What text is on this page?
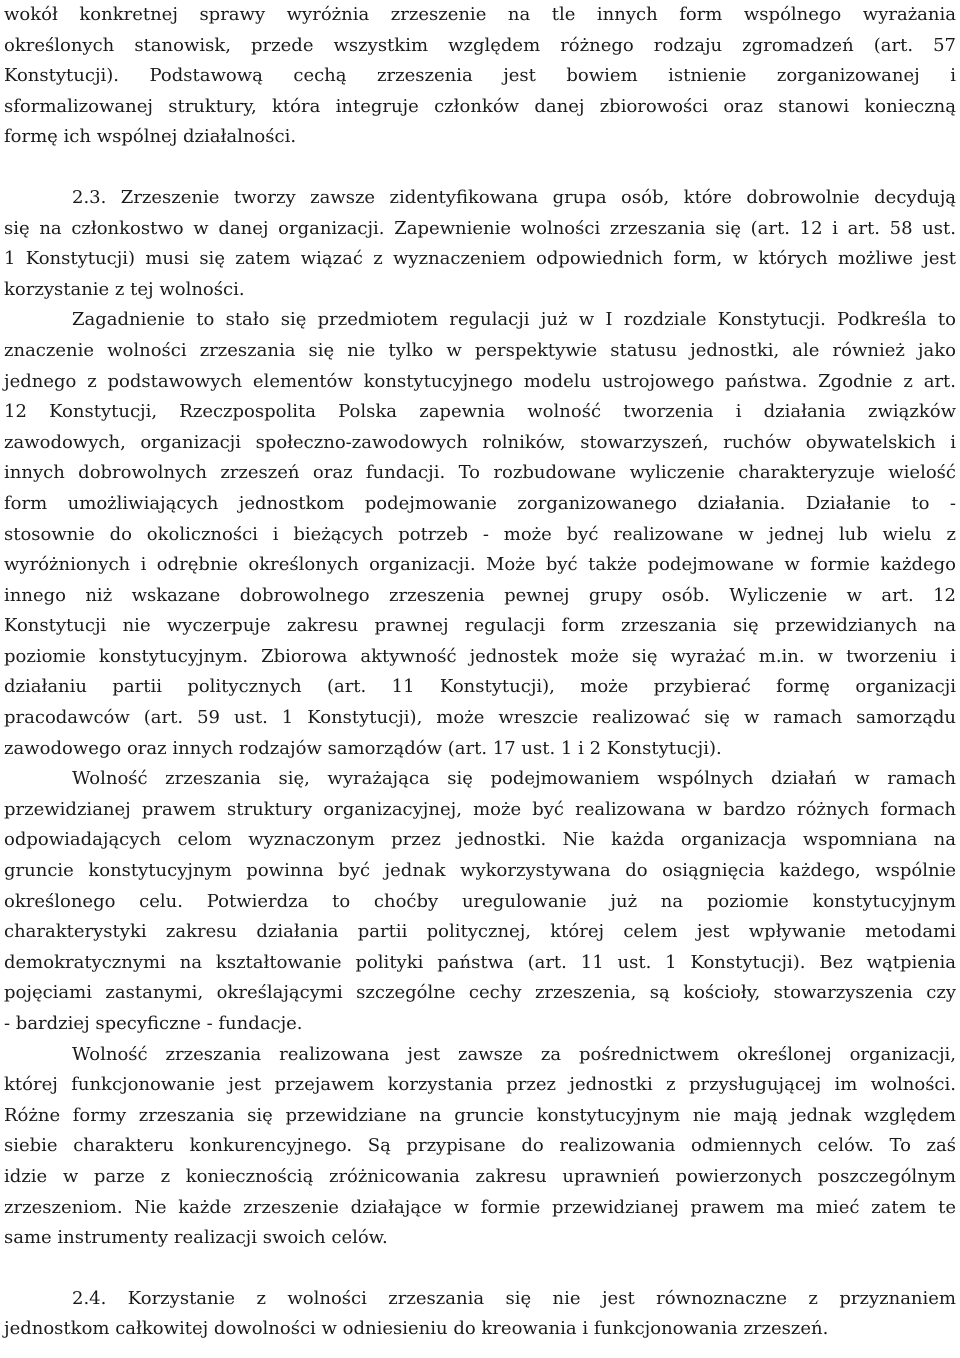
wokół konkretnej sprawy wyróżnia zrzeszenie na tle innych form wspólnego wyrażania
określonych stanowisk, przede wszystkim względem różnego rodzaju zgromadzeń (art. 57
Konstytucji). Podstawową cechą zrzeszenia jest bowiem istnienie zorganizowanej i
sformalizowanej struktury, która integruje członków danej zbiorowości oraz stanowi konieczną
formę ich wspólnej działalności.
2.3. Zrzeszenie tworzy zawsze zidentyfikowana grupa osób, które dobrowolnie decydują
się na członkostwo w danej organizacji. Zapewnienie wolności zrzeszania się (art. 12 i art. 58 ust.
1 Konstytucji) musi się zatem wiązać z wyznaczeniem odpowiednich form, w których możliwe jest
korzystanie z tej wolności.
Zagadnienie to stało się przedmiotem regulacji już w I rozdziale Konstytucji. Podkreśla to
znaczenie wolności zrzeszania się nie tylko w perspektywie statusu jednostki, ale również jako
jednego z podstawowych elementów konstytucyjnego modelu ustrojowego państwa. Zgodnie z art.
12 Konstytucji, Rzeczpospolita Polska zapewnia wolność tworzenia i działania związków
zawodowych, organizacji społeczno-zawodowych rolników, stowarzyszeń, ruchów obywatelskich i
innych dobrowolnych zrzeszeń oraz fundacji. To rozbudowane wyliczenie charakteryzuje wielość
form umożliwiających jednostkom podejmowanie zorganizowanego działania. Działanie to -
stosownie do okoliczności i bieżących potrzeb - może być realizowane w jednej lub wielu z
wyróżnionych i odrębnie określonych organizacji. Może być także podejmowane w formie każdego
innego niż wskazane dobrowolnego zrzeszenia pewnej grupy osób. Wyliczenie w art. 12
Konstytucji nie wyczerpuje zakresu prawnej regulacji form zrzeszania się przewidzianych na
poziomie konstytucyjnym. Zbiorowa aktywność jednostek może się wyrażać m.in. w tworzeniu i
działaniu partii politycznych (art. 11 Konstytucji), może przybierać formę organizacji
pracodawców (art. 59 ust. 1 Konstytucji), może wreszcie realizować się w ramach samorządu
zawodowego oraz innych rodzajów samorządów (art. 17 ust. 1 i 2 Konstytucji).
Wolność zrzeszania się, wyrażająca się podejmowaniem wspólnych działań w ramach
przewidzianej prawem struktury organizacyjnej, może być realizowana w bardzo różnych formach
odpowiadających celom wyznaczonym przez jednostki. Nie każda organizacja wspomniana na
gruncie konstytucyjnym powinna być jednak wykorzystywana do osiągnięcia każdego, wspólnie
określonego celu. Potwierdza to choćby uregulowanie już na poziomie konstytucyjnym
charakterystyki zakresu działania partii politycznej, której celem jest wpływanie metodami
demokratycznymi na kształtowanie polityki państwa (art. 11 ust. 1 Konstytucji). Bez wątpienia
pojęciami zastanymi, określającymi szczególne cechy zrzeszenia, są kościoły, stowarzyszenia czy
- bardziej specyficzne - fundacje.
Wolność zrzeszania realizowana jest zawsze za pośrednictwem określonej organizacji,
której funkcjonowanie jest przejawem korzystania przez jednostki z przysługującej im wolności.
Różne formy zrzeszania się przewidziane na gruncie konstytucyjnym nie mają jednak względem
siebie charakteru konkurencyjnego. Są przypisane do realizowania odmiennych celów. To zaś
idzie w parze z koniecznością zróżnicowania zakresu uprawnień powierzonych poszczególnym
zrzeszeniom. Nie każde zrzeszenie działające w formie przewidzianej prawem ma mieć zatem te
same instrumenty realizacji swoich celów.
2.4. Korzystanie z wolności zrzeszania się nie jest równoznaczne z przyznaniem
jednostkom całkowitej dowolności w odniesieniu do kreowania i funkcjonowania zrzeszeń.
